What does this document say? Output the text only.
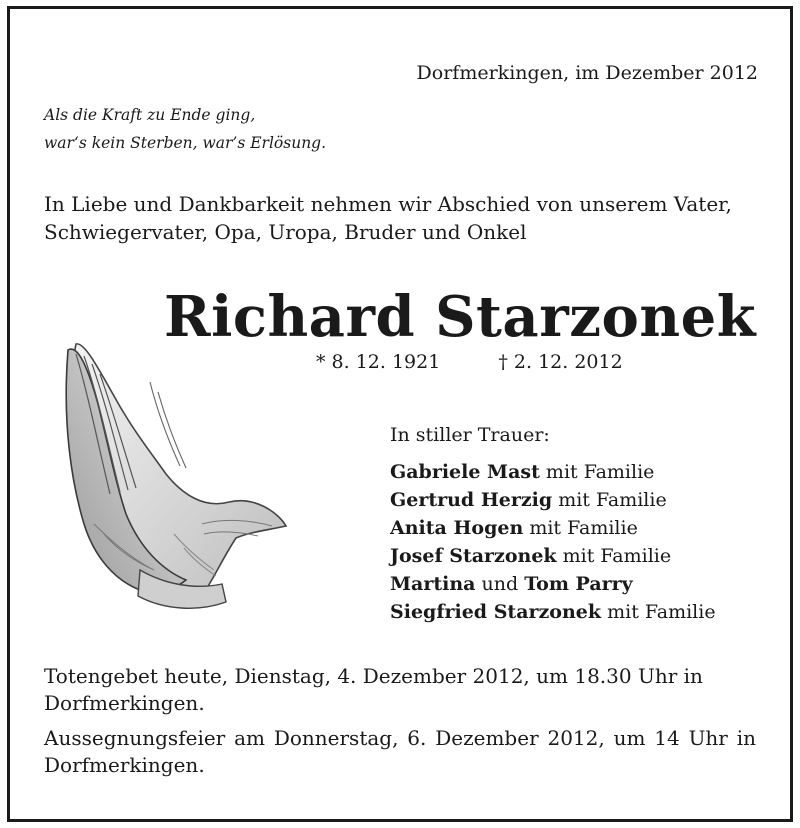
Dorfmerkingen, im Dezember 2012
Als die Kraft zu Ende ging,
war‘s kein Sterben, war’s Erlösung.
In Liebe und Dankbarkeit nehmen wir Abschied von unserem Vater, Schwiegervater, Opa, Uropa, Bruder und Onkel
Richard Starzonek
* 8. 12. 1921	† 2. 12. 2012
In stiller Trauer:
Gabriele Mast mit Familie
Gertrud Herzig mit Familie
Anita Hogen mit Familie
Josef Starzonek mit Familie
Martina und Tom Parry
Siegfried Starzonek mit Familie
Totengebet heute, Dienstag, 4. Dezember 2012, um 18.30 Uhr in Dorfmerkingen.
Aussegnungsfeier am Donnerstag, 6. Dezember 2012, um 14 Uhr in Dorfmerkingen.
